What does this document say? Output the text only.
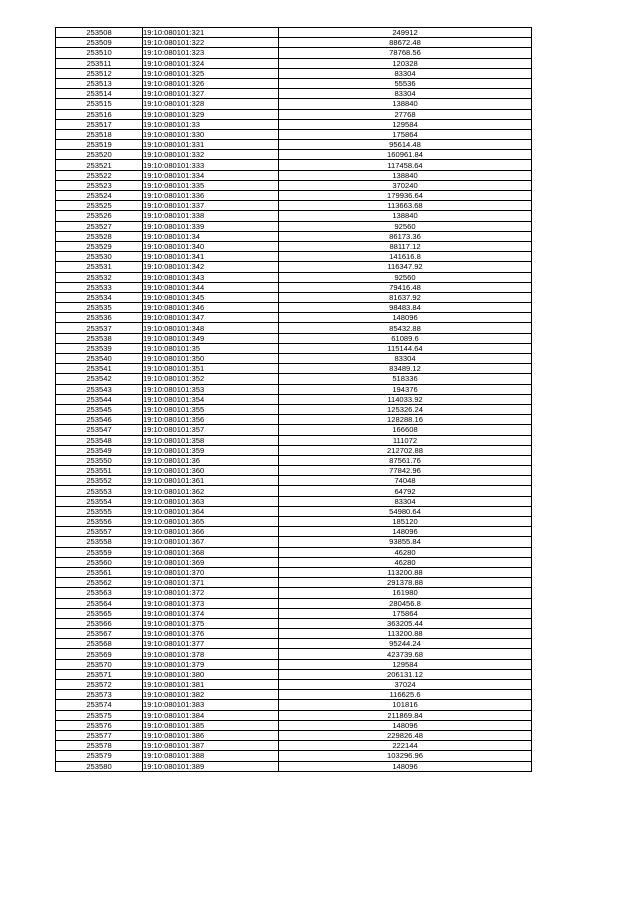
253508	19:10:080101:321	249912
253509	19:10:080101:322	88672.48
253510	19:10:080101:323	78768.56
253511	19:10:080101:324	120328
253512	19:10:080101:325	83304
253513	19:10:080101:326	55536
253514	19:10:080101:327	83304
253515	19:10:080101:328	138840
253516	19:10:080101:329	27768
253517	19:10:080101:33	129584
253518	19:10:080101:330	175864
253519	19:10:080101:331	95614.48
253520	19:10:080101:332	160961.84
253521	19:10:080101:333	117458.64
253522	19:10:080101:334	138840
253523	19:10:080101:335	370240
253524	19:10:080101:336	179936.64
253525	19:10:080101:337	113663.68
253526	19:10:080101:338	138840
253527	19:10:080101:339	92560
253528	19:10:080101:34	86173.36
253529	19:10:080101:340	88117.12
253530	19:10:080101:341	141616.8
253531	19:10:080101:342	116347.92
253532	19:10:080101:343	92560
253533	19:10:080101:344	79416.48
253534	19:10:080101:345	81637.92
253535	19:10:080101:346	98483.84
253536	19:10:080101:347	148096
253537	19:10:080101:348	85432.88
253538	19:10:080101:349	61089.6
253539	19:10:080101:35	115144.64
253540	19:10:080101:350	83304
253541	19:10:080101:351	83489.12
253542	19:10:080101:352	518336
253543	19:10:080101:353	194376
253544	19:10:080101:354	114033.92
253545	19:10:080101:355	125326.24
253546	19:10:080101:356	128288.16
253547	19:10:080101:357	166608
253548	19:10:080101:358	111072
253549	19:10:080101:359	212702.88
253550	19:10:080101:36	87561.76
253551	19:10:080101:360	77842.96
253552	19:10:080101:361	74048
253553	19:10:080101:362	64792
253554	19:10:080101:363	83304
253555	19:10:080101:364	54980.64
253556	19:10:080101:365	185120
253557	19:10:080101:366	148096
253558	19:10:080101:367	93855.84
253559	19:10:080101:368	46280
253560	19:10:080101:369	46280
253561	19:10:080101:370	113200.88
253562	19:10:080101:371	291378.88
253563	19:10:080101:372	161980
253564	19:10:080101:373	280456.8
253565	19:10:080101:374	175864
253566	19:10:080101:375	363205.44
253567	19:10:080101:376	113200.88
253568	19:10:080101:377	95244.24
253569	19:10:080101:378	423739.68
253570	19:10:080101:379	129584
253571	19:10:080101:380	206131.12
253572	19:10:080101:381	37024
253573	19:10:080101:382	116625.6
253574	19:10:080101:383	101816
253575	19:10:080101:384	211869.84
253576	19:10:080101:385	148096
253577	19:10:080101:386	229826.48
253578	19:10:080101:387	222144
253579	19:10:080101:388	103296.96
253580	19:10:080101:389	148096
